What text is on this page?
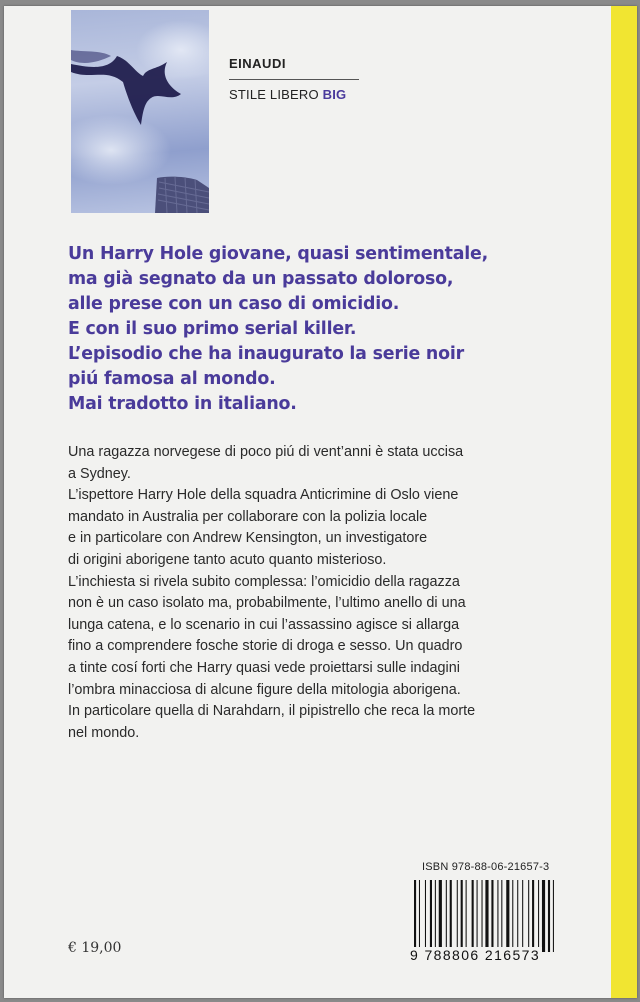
EINAUDI
STILE LIBERO BIG
Un Harry Hole giovane, quasi sentimentale,
ma già segnato da un passato doloroso,
alle prese con un caso di omicidio.
E con il suo primo serial killer.
L’episodio che ha inaugurato la serie noir
piú famosa al mondo.
Mai tradotto in italiano.
Una ragazza norvegese di poco piú di vent’anni è stata uccisa
a Sydney.
L’ispettore Harry Hole della squadra Anticrimine di Oslo viene
mandato in Australia per collaborare con la polizia locale
e in particolare con Andrew Kensington, un investigatore
di origini aborigene tanto acuto quanto misterioso.
L’inchiesta si rivela subito complessa: l’omicidio della ragazza
non è un caso isolato ma, probabilmente, l’ultimo anello di una
lunga catena, e lo scenario in cui l’assassino agisce si allarga
fino a comprendere fosche storie di droga e sesso. Un quadro
a tinte cosí forti che Harry quasi vede proiettarsi sulle indagini
l’ombra minacciosa di alcune figure della mitologia aborigena.
In particolare quella di Narahdarn, il pipistrello che reca la morte
nel mondo.
ISBN 978-88-06-21657-3
9 788806 216573
€ 19,00
